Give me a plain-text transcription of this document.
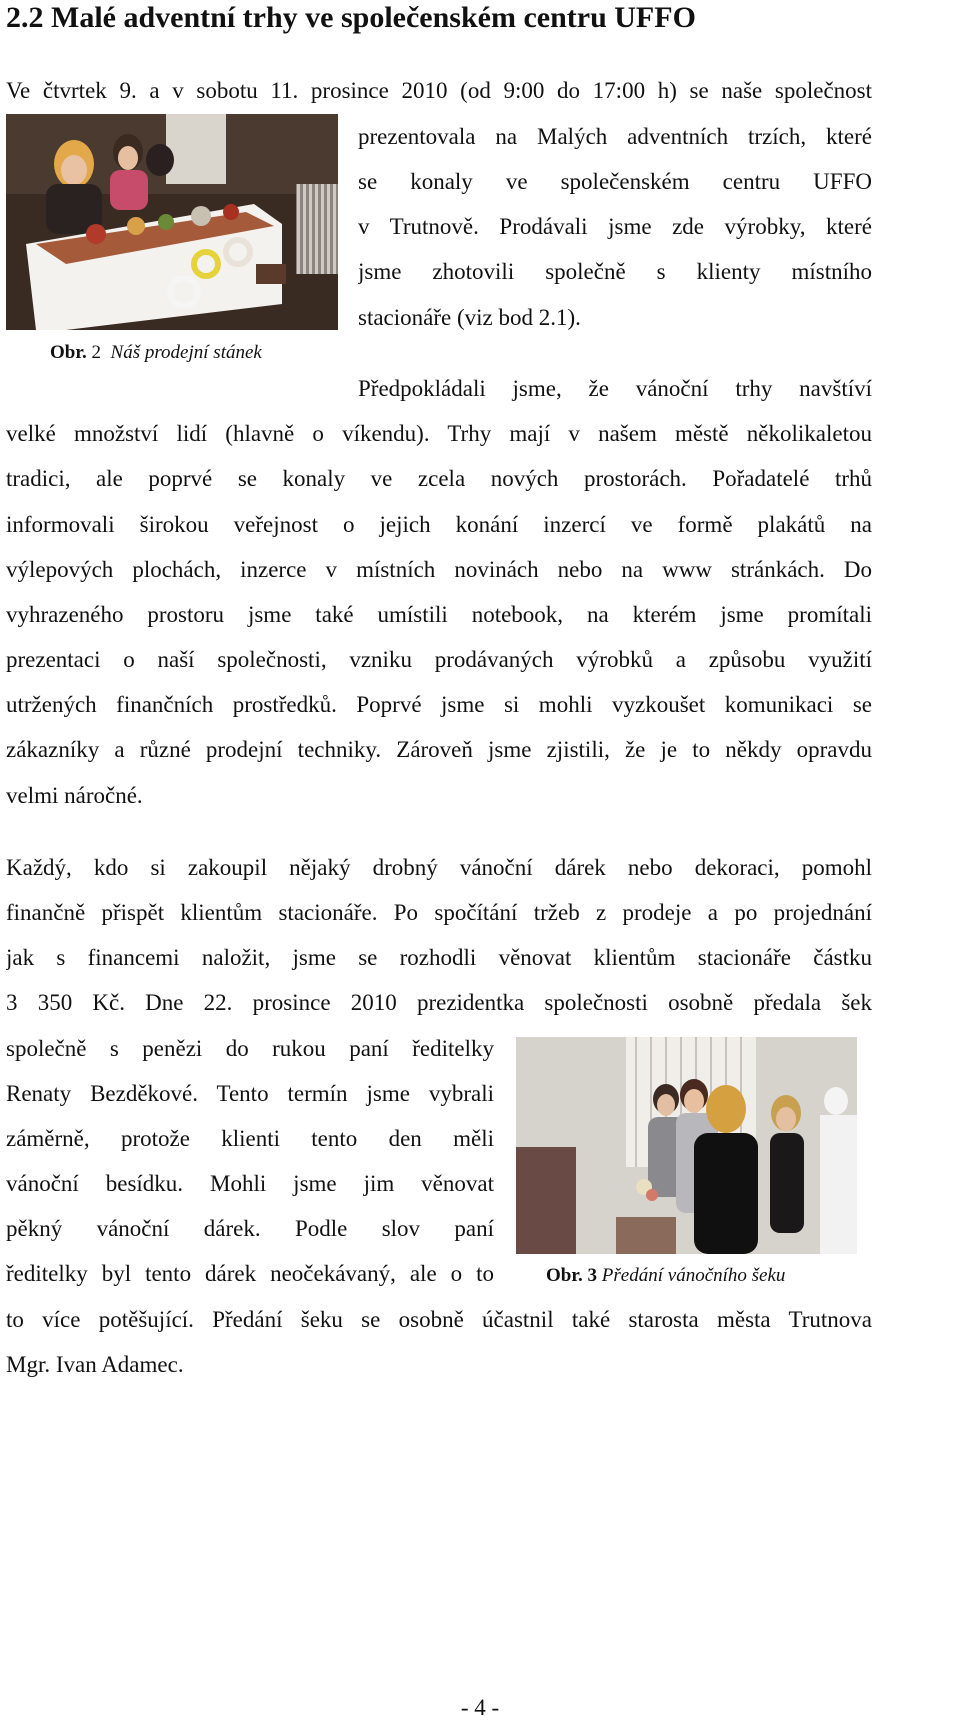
2.2 Malé adventní trhy ve společenském centru UFFO

Ve čtvrtek 9. a v sobotu 11. prosince 2010 (od 9:00 do 17:00 h) se naše společnost

prezentovala na Malých adventních trzích, které

se konaly ve společenském centru UFFO

v Trutnově. Prodávali jsme zde výrobky, které

jsme zhotovili společně s klienty místního

stacionáře (viz bod 2.1).

Obr. 2 Náš prodejní stánek

Předpokládali jsme, že vánoční trhy navštíví

velké množství lidí (hlavně o víkendu). Trhy mají v našem městě několikaletou

tradici, ale poprvé se konaly ve zcela nových prostorách. Pořadatelé trhů

informovali širokou veřejnost o jejich konání inzercí ve formě plakátů na

výlepových plochách, inzerce v místních novinách nebo na www stránkách. Do

vyhrazeného prostoru jsme také umístili notebook, na kterém jsme promítali

prezentaci o naší společnosti, vzniku prodávaných výrobků a způsobu využití

utržených finančních prostředků. Poprvé jsme si mohli vyzkoušet komunikaci se

zákazníky a různé prodejní techniky. Zároveň jsme zjistili, že je to někdy opravdu

velmi náročné.

Každý, kdo si zakoupil nějaký drobný vánoční dárek nebo dekoraci, pomohl

finančně přispět klientům stacionáře. Po spočítání tržeb z prodeje a po projednání

jak s financemi naložit, jsme se rozhodli věnovat klientům stacionáře částku

3 350 Kč. Dne 22. prosince 2010 prezidentka společnosti osobně předala šek

společně s penězi do rukou paní ředitelky

Renaty Bezděkové. Tento termín jsme vybrali

záměrně, protože klienti tento den měli

vánoční besídku. Mohli jsme jim věnovat

pěkný vánoční dárek. Podle slov paní

ředitelky byl tento dárek neočekávaný, ale o to

to více potěšující. Předání šeku se osobně účastnil také starosta města Trutnova

Mgr. Ivan Adamec.

Obr. 3 Předání vánočního šeku

- 4 -
